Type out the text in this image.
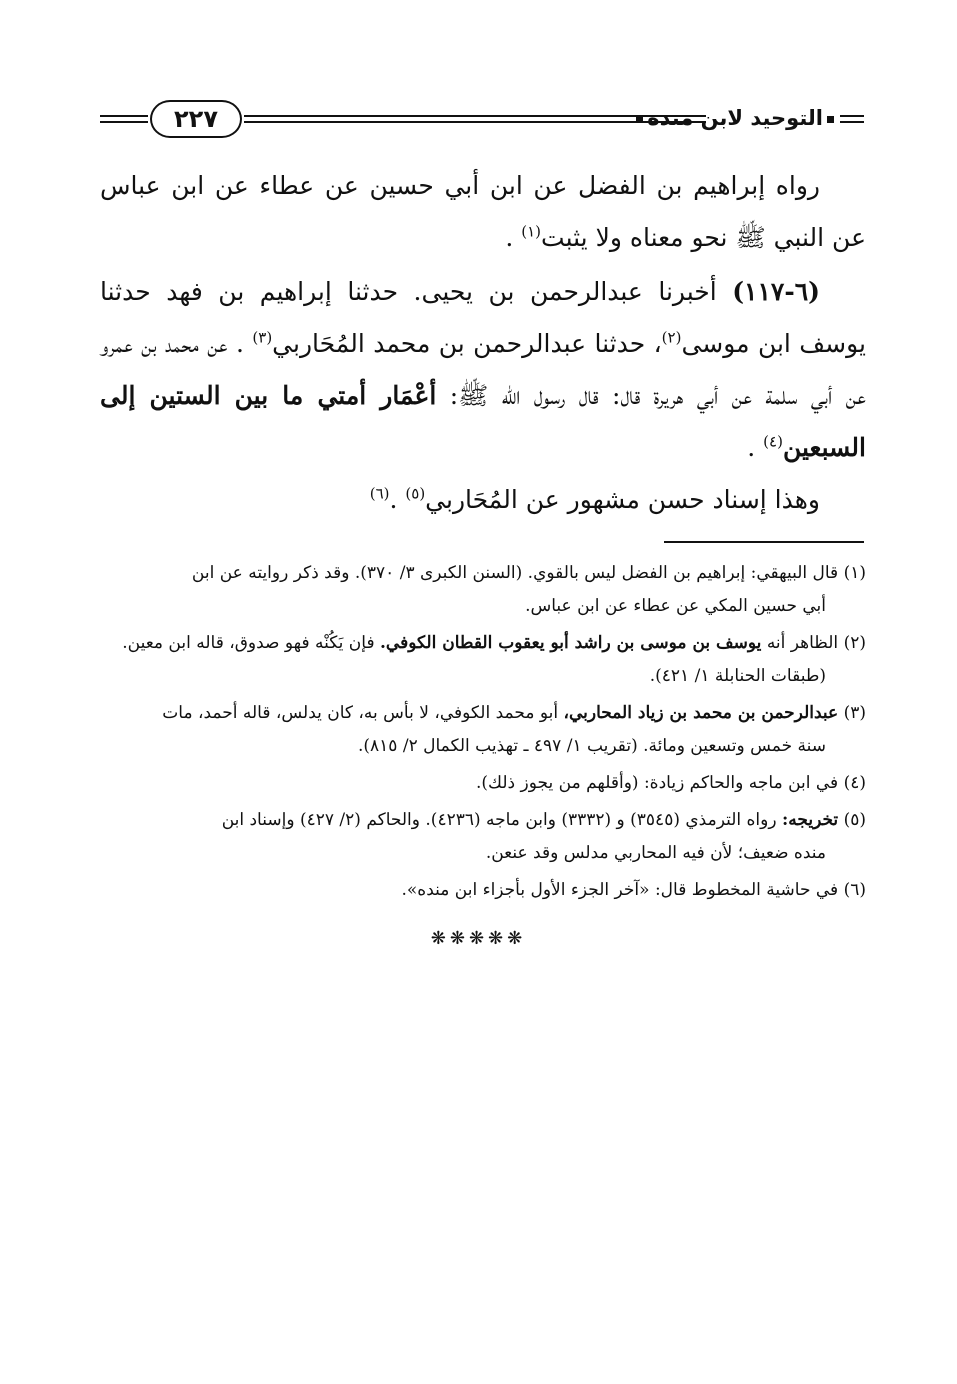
٢٢٧	التوحيد لابن منده
رواه إبراهيم بن الفضل عن ابن أبي حسين عن عطاء عن ابن عباس عن النبي ﷺ نحو معناه ولا يثبت$^{(١)}$ .
(٦-١١٧) أخبرنا عبدالرحمن بن يحيى. حدثنا إبراهيم بن فهد حدثنا يوسف ابن موسى$^{(٢)}$، حدثنا عبدالرحمن بن محمد المُحَاربي$^{(٣)}$ . عن محمد بن عمرو عن أبي سلمة عن أبي هريرة قال: قال رسول الله ﷺ: أعْمَار أمتي ما بين الستين إلى السبعين$^{(٤)}$ .
وهذا إسناد حسن مشهور عن المُحَاربي$^{(٥)}$ .$^{(٦)}$
(١) قال البيهقي: إبراهيم بن الفضل ليس بالقوي. (السنن الكبرى ٣/ ٣٧٠). وقد ذكر روايته عن ابن
أبي حسين المكي عن عطاء عن ابن عباس.
(٢) الظاهر أنه يوسف بن موسى بن راشد أبو يعقوب القطان الكوفي. فإن يَكُنْه فهو صدوق، قاله ابن معين.
(طبقات الحنابلة ١/ ٤٢١).
(٣) عبدالرحمن بن محمد بن زياد المحاربي، أبو محمد الكوفي، لا بأس به، كان يدلس، قاله أحمد، مات
سنة خمس وتسعين ومائة. (تقريب ١/ ٤٩٧ ـ تهذيب الكمال ٢/ ٨١٥).
(٤) في ابن ماجه والحاكم زيادة: (وأقلهم من يجوز ذلك).
(٥) تخريجه: رواه الترمذي (٣٥٤٥) و (٣٣٣٢) وابن ماجه (٤٢٣٦). والحاكم (٢/ ٤٢٧) وإسناد ابن
منده ضعيف؛ لأن فيه المحاربي مدلس وقد عنعن.
(٦) في حاشية المخطوط قال: «آخر الجزء الأول بأجزاء ابن منده».
❋❋❋❋❋
